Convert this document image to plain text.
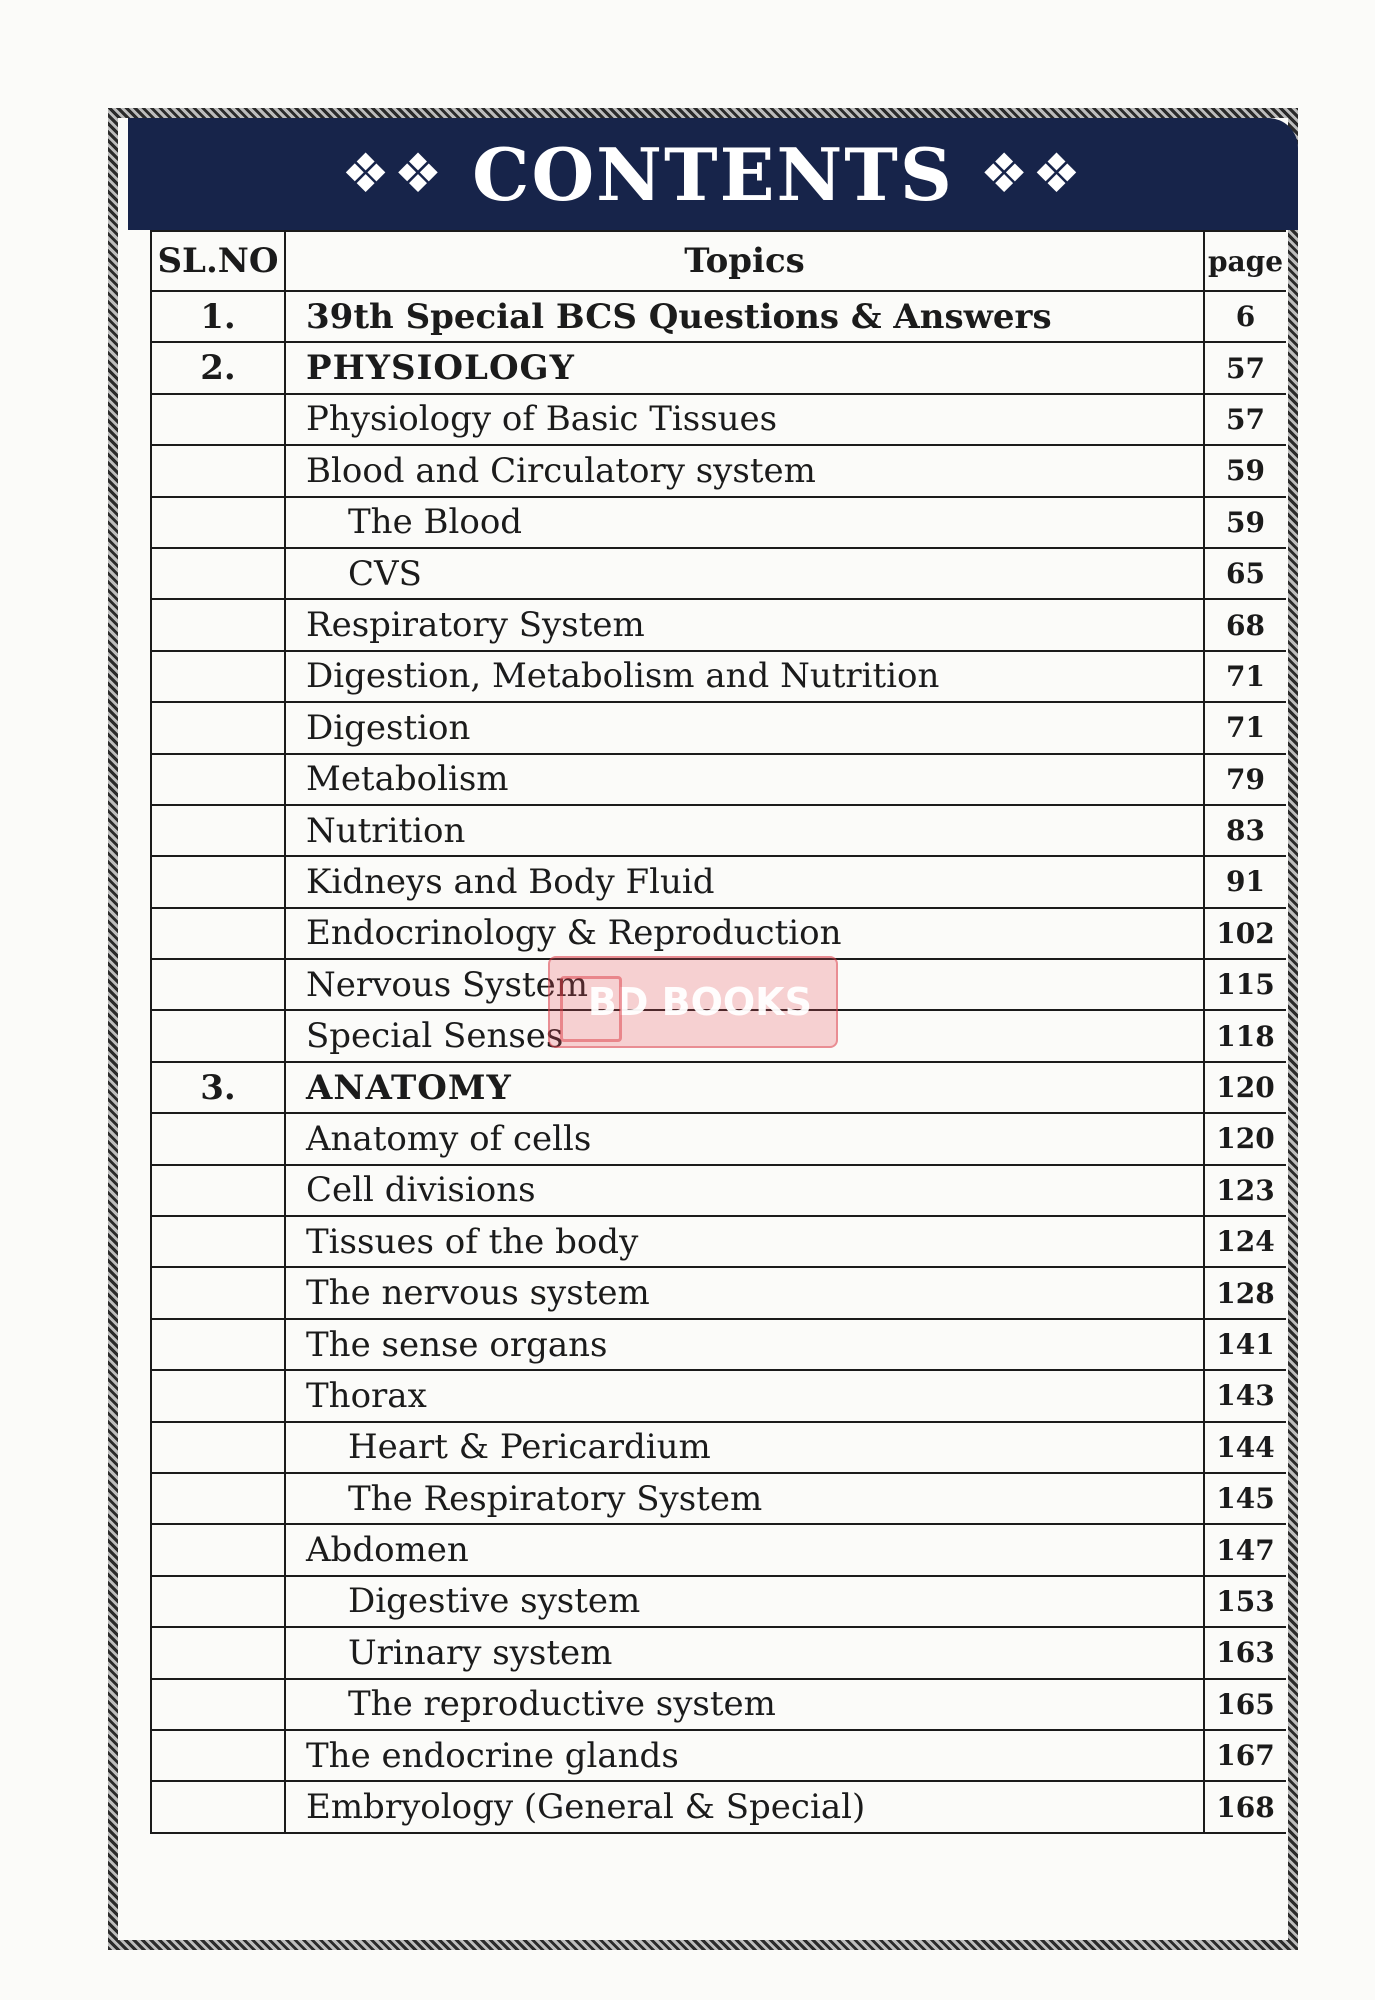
❖❖ CONTENTS ❖❖
SL.NO	Topics	page
1.	39th Special BCS Questions & Answers	6
2.	PHYSIOLOGY	57
	Physiology of Basic Tissues	57
	Blood and Circulatory system	59
	The Blood	59
	CVS	65
	Respiratory System	68
	Digestion, Metabolism and Nutrition	71
	Digestion	71
	Metabolism	79
	Nutrition	83
	Kidneys and Body Fluid	91
	Endocrinology & Reproduction	102
	Nervous System	115
	Special Senses	118
3.	ANATOMY	120
	Anatomy of cells	120
	Cell divisions	123
	Tissues of the body	124
	The nervous system	128
	The sense organs	141
	Thorax	143
	Heart & Pericardium	144
	The Respiratory System	145
	Abdomen	147
	Digestive system	153
	Urinary system	163
	The reproductive system	165
	The endocrine glands	167
	Embryology (General & Special)	168
BD BOOKS
